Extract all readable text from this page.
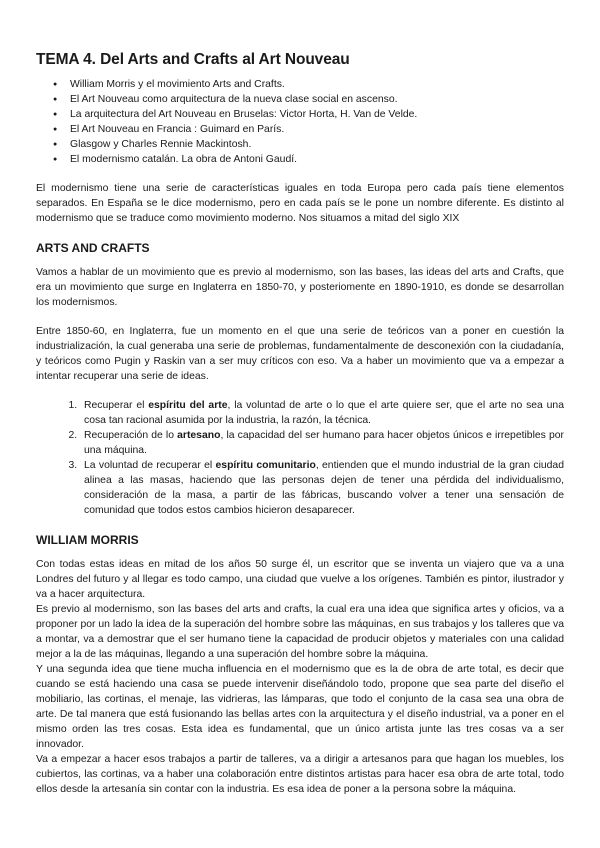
TEMA 4. Del Arts and Crafts al Art Nouveau
● William Morris y el movimiento Arts and Crafts.
● El Art Nouveau como arquitectura de la nueva clase social en ascenso.
● La arquitectura del Art Nouveau en Bruselas: Victor Horta, H. Van de Velde.
● El Art Nouveau en Francia : Guimard en París.
● Glasgow y Charles Rennie Mackintosh.
● El modernismo catalán. La obra de Antoni Gaudí.

El modernismo tiene una serie de características iguales en toda Europa pero cada país tiene elementos separados. En España se le dice modernismo, pero en cada país se le pone un nombre diferente. Es distinto al modernismo que se traduce como movimiento moderno. Nos situamos a mitad del siglo XIX

ARTS AND CRAFTS

Vamos a hablar de un movimiento que es previo al modernismo, son las bases, las ideas del arts and Crafts, que era un movimiento que surge en Inglaterra en 1850-70, y posteriomente en 1890-1910, es donde se desarrollan los modernismos.

Entre 1850-60, en Inglaterra, fue un momento en el que una serie de teóricos van a poner en cuestión la industrialización, la cual generaba una serie de problemas, fundamentalmente de desconexión con la ciudadanía, y teóricos como Pugin y Raskin van a ser muy críticos con eso. Va a haber un movimiento que va a empezar a intentar recuperar una serie de ideas.

1. Recuperar el espíritu del arte, la voluntad de arte o lo que el arte quiere ser, que el arte no sea una cosa tan racional asumida por la industria, la razón, la técnica.
2. Recuperación de lo artesano, la capacidad del ser humano para hacer objetos únicos e irrepetibles por una máquina.
3. La voluntad de recuperar el espíritu comunitario, entienden que el mundo industrial de la gran ciudad alinea a las masas, haciendo que las personas dejen de tener una pérdida del individualismo, consideración de la masa, a partir de las fábricas, buscando volver a tener una sensación de comunidad que todos estos cambios hicieron desaparecer.
WILLIAM MORRIS

Con todas estas ideas en mitad de los años 50 surge él, un escritor que se inventa un viajero que va a una Londres del futuro y al llegar es todo campo, una ciudad que vuelve a los orígenes. También es pintor, ilustrador y va a hacer arquitectura.

Es previo al modernismo, son las bases del arts and crafts, la cual era una idea que significa artes y oficios, va a proponer por un lado la idea de la superación del hombre sobre las máquinas, en sus trabajos y los talleres que va a montar, va a demostrar que el ser humano tiene la capacidad de producir objetos y materiales con una calidad mejor a la de las máquinas, llegando a una superación del hombre sobre la máquina.

Y una segunda idea que tiene mucha influencia en el modernismo que es la de obra de arte total, es decir que cuando se está haciendo una casa se puede intervenir diseñándolo todo, propone que sea parte del diseño el mobiliario, las cortinas, el menaje, las vidrieras, las lámparas, que todo el conjunto de la casa sea una obra de arte. De tal manera que está fusionando las bellas artes con la arquitectura y el diseño industrial, va a poner en el mismo orden las tres cosas. Esta idea es fundamental, que un único artista junte las tres cosas va a ser innovador.

Va a empezar a hacer esos trabajos a partir de talleres, va a dirigir a artesanos para que hagan los muebles, los cubiertos, las cortinas, va a haber una colaboración entre distintos artistas para hacer esa obra de arte total, todo ellos desde la artesanía sin contar con la industria. Es esa idea de poner a la persona sobre la máquina.
